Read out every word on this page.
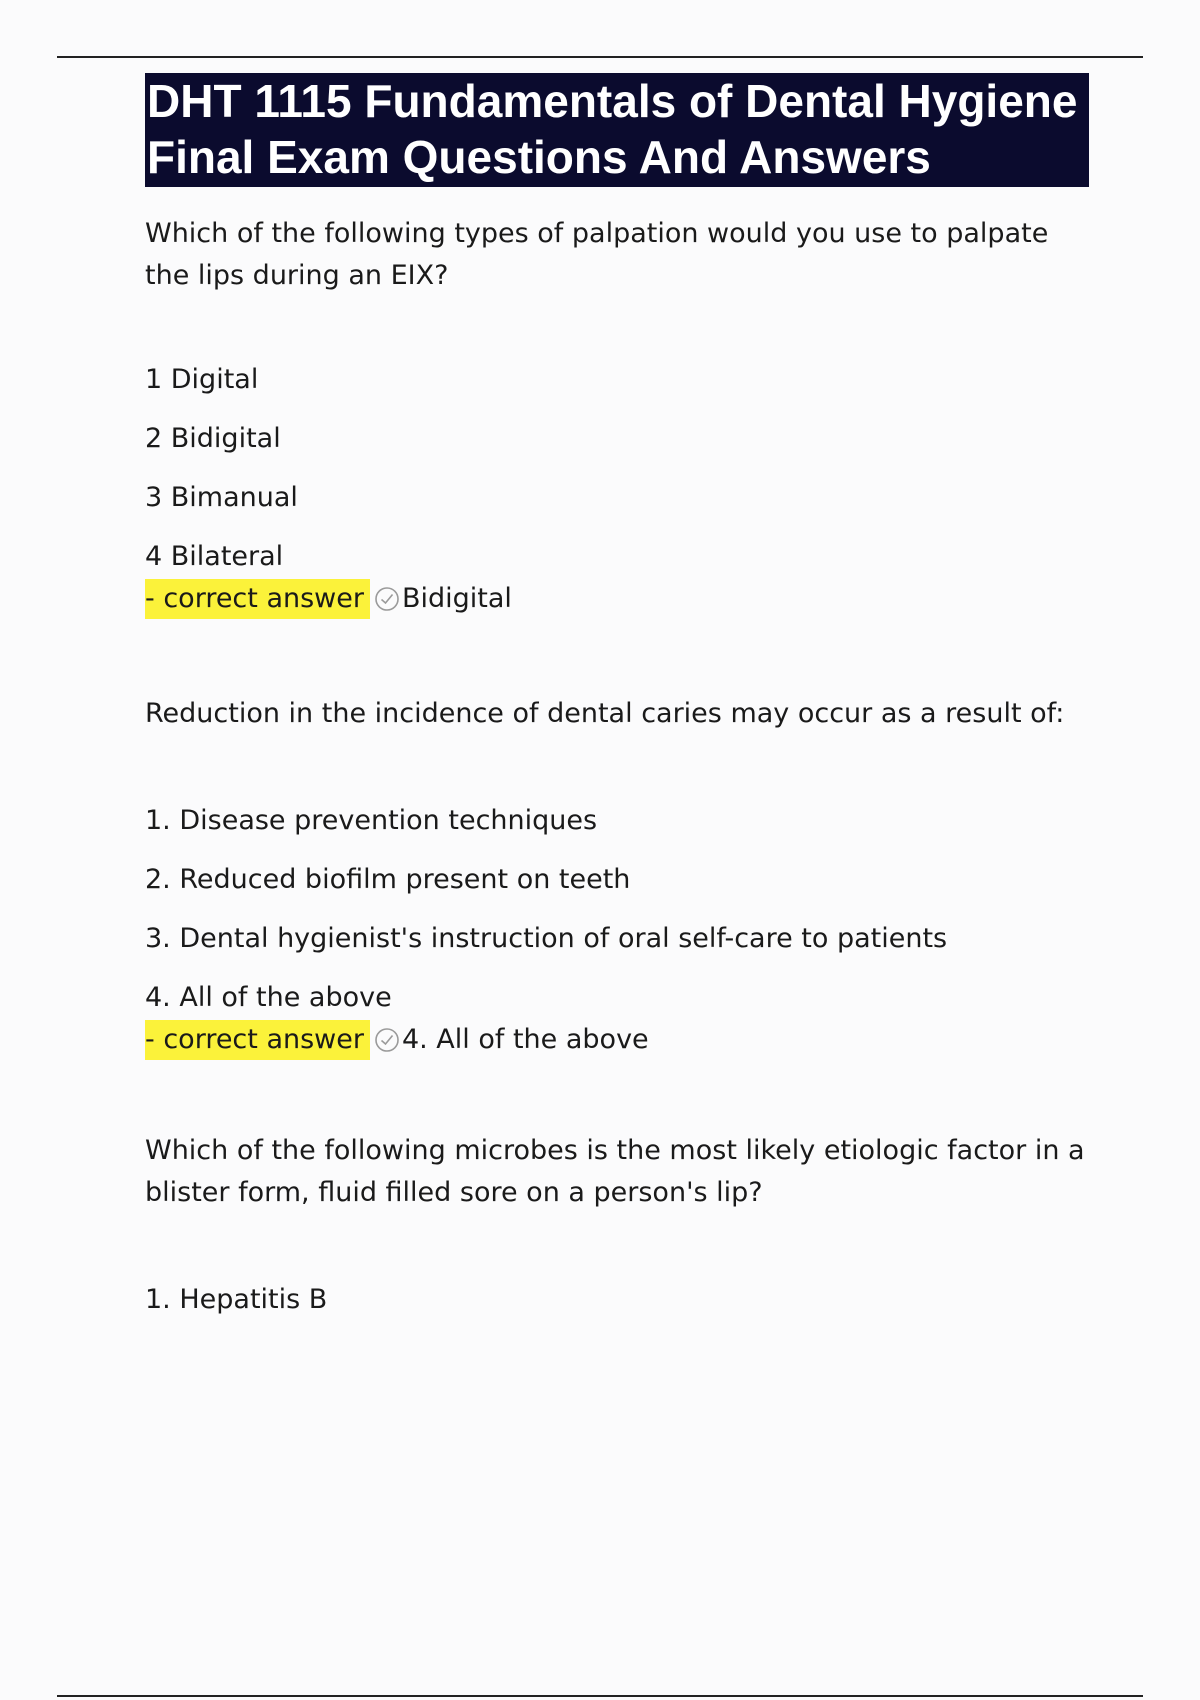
DHT 1115 Fundamentals of Dental Hygiene Final Exam Questions And Answers

Which of the following types of palpation would you use to palpate the lips during an EIX?

1 Digital

2 Bidigital

3 Bimanual

4 Bilateral

- correct answer Bidigital

Reduction in the incidence of dental caries may occur as a result of:

1. Disease prevention techniques

2. Reduced biofilm present on teeth

3. Dental hygienist's instruction of oral self-care to patients

4. All of the above

- correct answer 4. All of the above

Which of the following microbes is the most likely etiologic factor in a blister form, fluid filled sore on a person's lip?

1. Hepatitis B
